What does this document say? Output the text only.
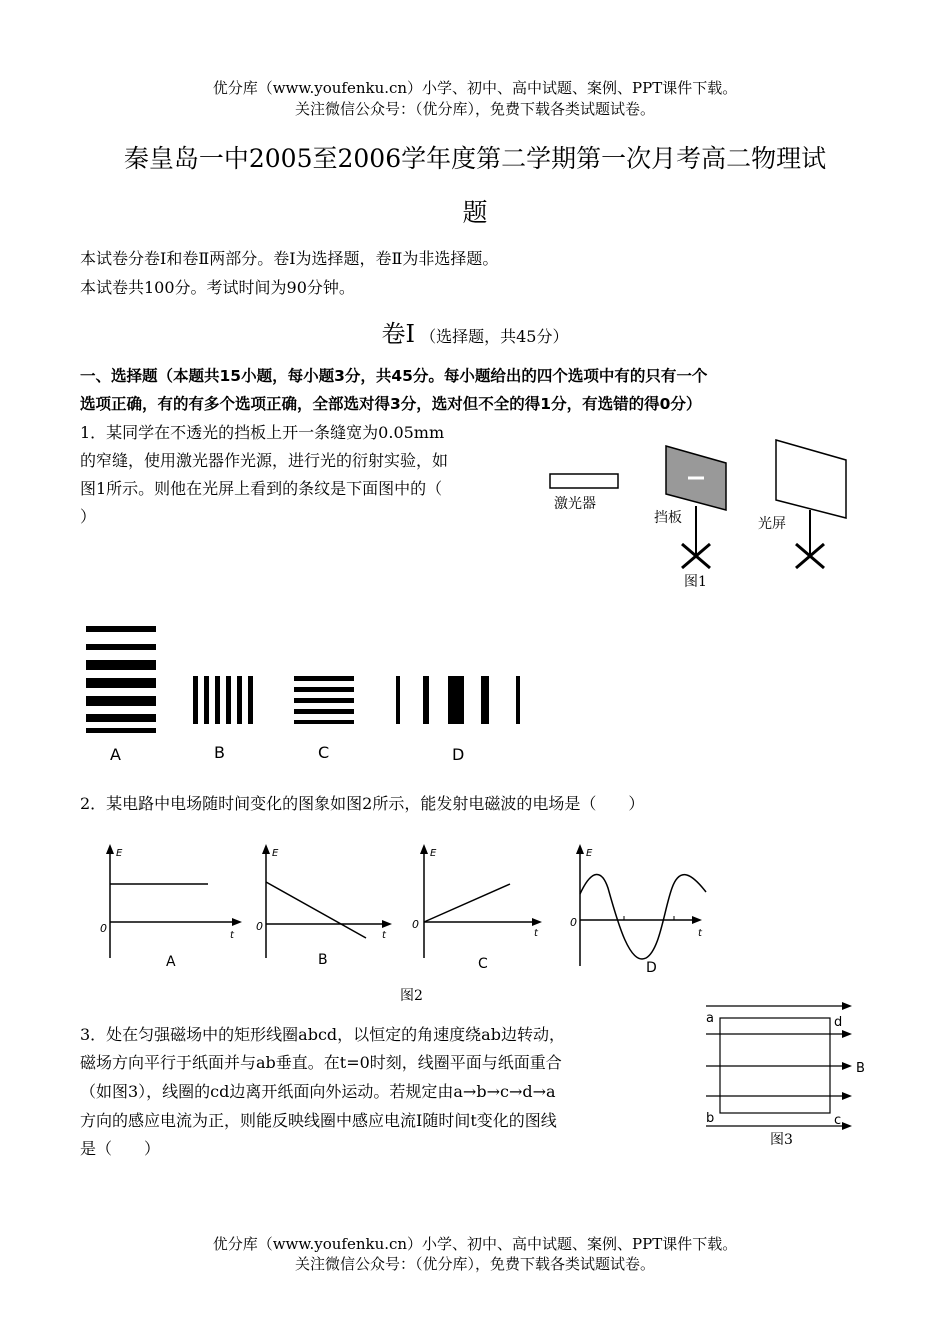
优分库（www.youfenku.cn）小学、初中、高中试题、案例、PPT课件下载。
关注微信公众号：（优分库），免费下载各类试题试卷。
秦皇岛一中2005至2006学年度第二学期第一次月考高二物理试
题
本试卷分卷Ⅰ和卷Ⅱ两部分。卷Ⅰ为选择题，卷Ⅱ为非选择题。
本试卷共100分。考试时间为90分钟。
卷Ⅰ （选择题，共45分）
一、选择题（本题共15小题，每小题3分，共45分。每小题给出的四个选项中有的只有一个
选项正确，有的有多个选项正确，全部选对得3分，选对但不全的得1分，有选错的得0分）
1．某同学在不透光的挡板上开一条缝宽为0.05mm
的窄缝，使用激光器作光源，进行光的衍射实验，如
图1所示。则他在光屏上看到的条纹是下面图中的（
）
激光器
挡板	光屏
图1
A	B	C	D
2．某电路中电场随时间变化的图象如图2所示，能发射电磁波的电场是（　　）
E
0
t
A
E
0
t
B
E
0
t
C
E
0
t
D
图2
3．处在匀强磁场中的矩形线圈abcd，以恒定的角速度绕ab边转动，
磁场方向平行于纸面并与ab垂直。在t=0时刻，线圈平面与纸面重合
（如图3），线圈的cd边离开纸面向外运动。若规定由a→b→c→d→a
方向的感应电流为正，则能反映线圈中感应电流I随时间t变化的图线
是（　　）
a	d
b	c
B
图3
优分库（www.youfenku.cn）小学、初中、高中试题、案例、PPT课件下载。
关注微信公众号：（优分库），免费下载各类试题试卷。
